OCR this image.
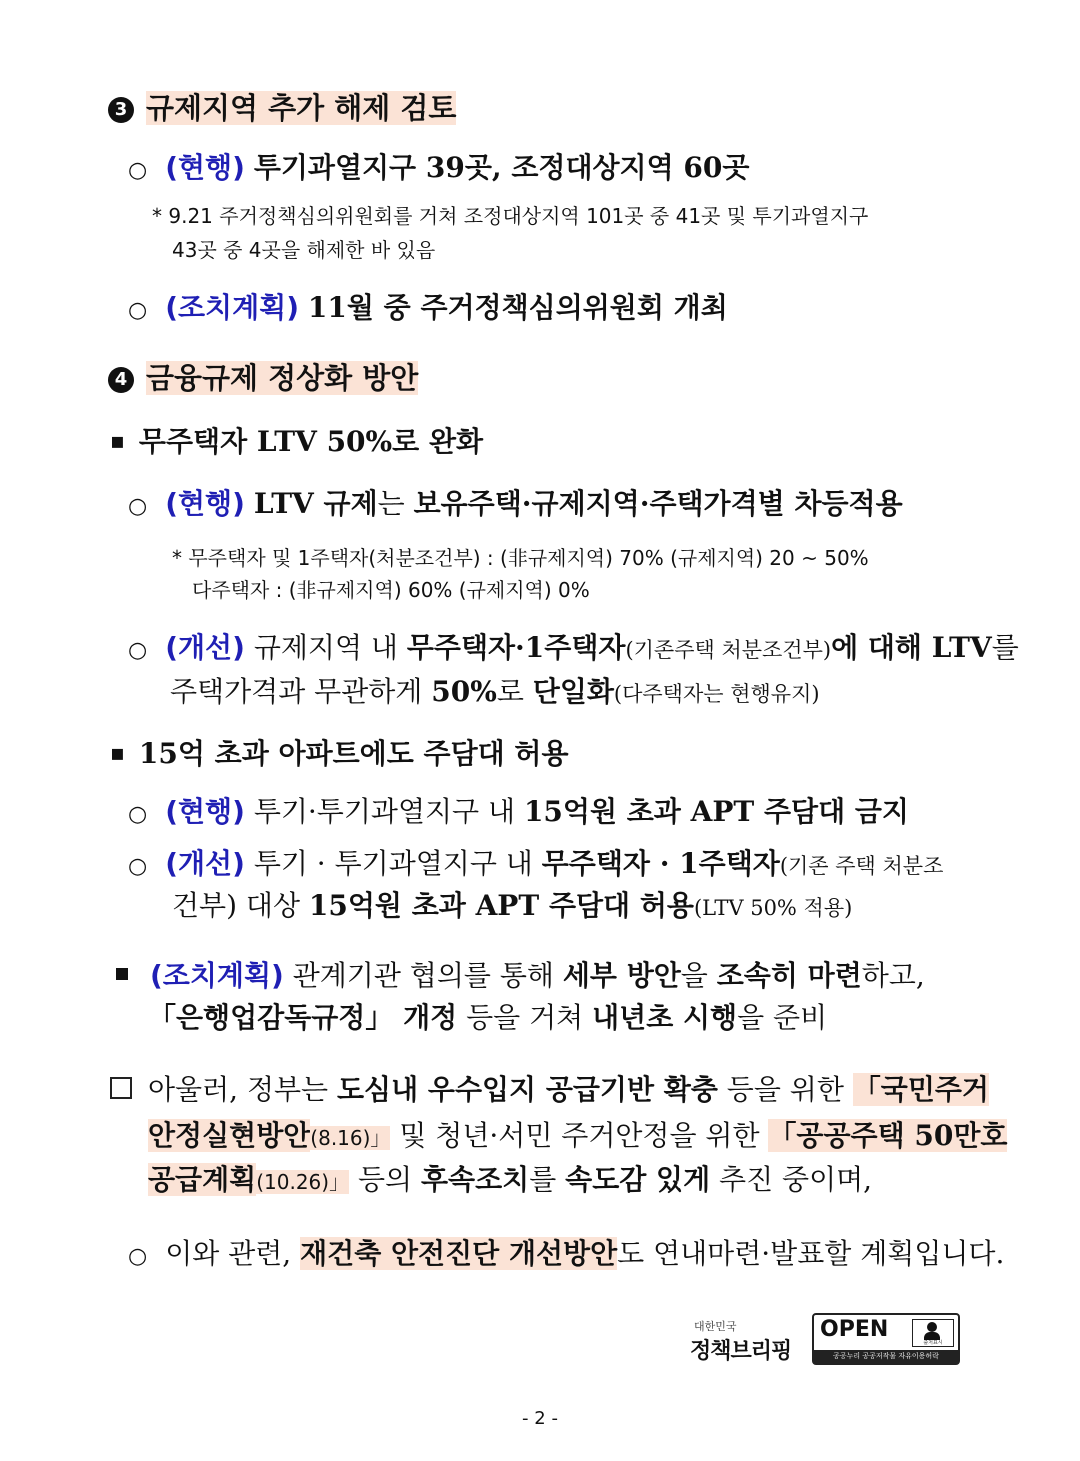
3 규제지역 추가 해제 검토
○ (현행) 투기과열지구 39곳, 조정대상지역 60곳
* 9.21 주거정책심의위원회를 거쳐 조정대상지역 101곳 중 41곳 및 투기과열지구
43곳 중 4곳을 해제한 바 있음
○ (조치계획) 11월 중 주거정책심의위원회 개최
4 금융규제 정상화 방안
▪ 무주택자 LTV 50%로 완화
○ (현행) LTV 규제는 보유주택·규제지역·주택가격별 차등적용
* 무주택자 및 1주택자(처분조건부) : (非규제지역) 70% (규제지역) 20 ~ 50%
다주택자 : (非규제지역) 60% (규제지역) 0%
○ (개선) 규제지역 내 무주택자·1주택자(기존주택 처분조건부)에 대해 LTV를
주택가격과 무관하게 50%로 단일화(다주택자는 현행유지)
▪ 15억 초과 아파트에도 주담대 허용
○ (현행) 투기·투기과열지구 내 15억원 초과 APT 주담대 금지
○ (개선) 투기 · 투기과열지구 내 무주택자 · 1주택자(기존 주택 처분조
건부) 대상 15억원 초과 APT 주담대 허용(LTV 50% 적용)
(조치계획) 관계기관 협의를 통해 세부 방안을 조속히 마련하고,
「은행업감독규정」 개정 등을 거쳐 내년초 시행을 준비
아울러, 정부는 도심내 우수입지 공급기반 확충 등을 위한 「국민주거
안정실현방안(8.16)」 및 청년·서민 주거안정을 위한 「공공주택 50만호
공급계획(10.26)」 등의 후속조치를 속도감 있게 추진 중이며,
○ 이와 관련, 재건축 안전진단 개선방안도 연내마련·발표할 계획입니다.
대한민국
정책브리핑
OPEN
출처표시
공공누리 공공저작물 자유이용허락
- 2 -
